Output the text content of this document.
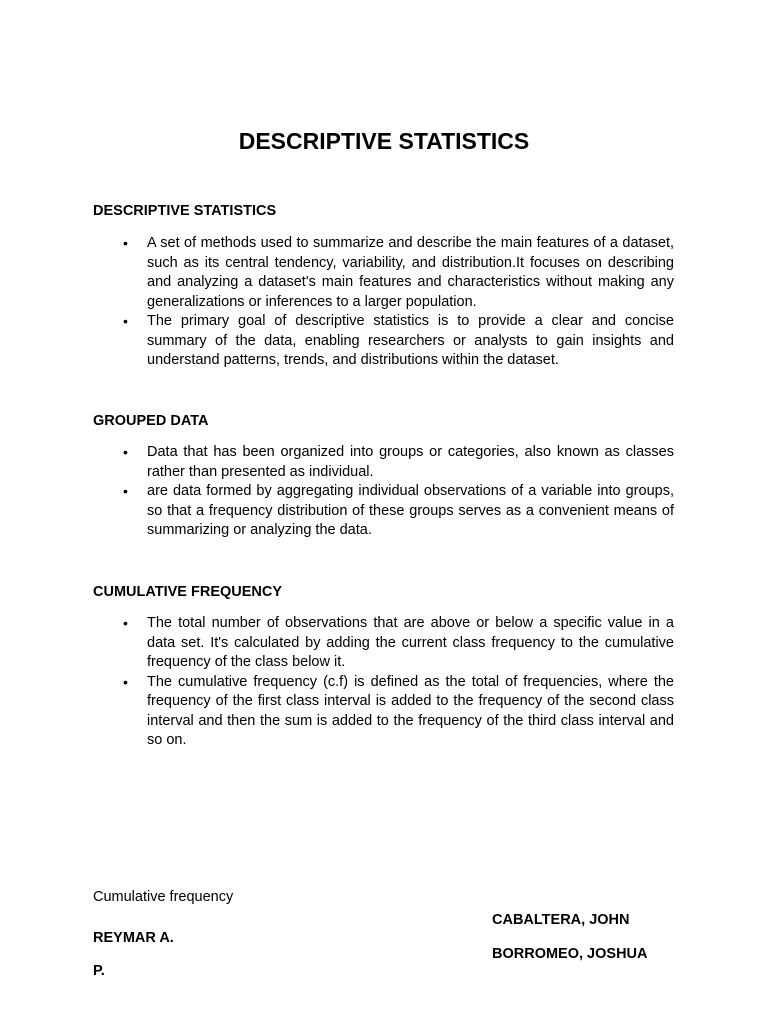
DESCRIPTIVE STATISTICS
DESCRIPTIVE STATISTICS
• A set of methods used to summarize and describe the main features of a dataset, such as its central tendency, variability, and distribution.It focuses on describing and analyzing a dataset's main features and characteristics without making any generalizations or inferences to a larger population.
• The primary goal of descriptive statistics is to provide a clear and concise summary of the data, enabling researchers or analysts to gain insights and understand patterns, trends, and distributions within the dataset.
GROUPED DATA
• Data that has been organized into groups or categories, also known as classes rather than presented as individual.
• are data formed by aggregating individual observations of a variable into groups, so that a frequency distribution of these groups serves as a convenient means of summarizing or analyzing the data.
CUMULATIVE FREQUENCY
• The total number of observations that are above or below a specific value in a data set. It's calculated by adding the current class frequency to the cumulative frequency of the class below it.
• The cumulative frequency (c.f) is defined as the total of frequencies, where the frequency of the first class interval is added to the frequency of the second class interval and then the sum is added to the frequency of the third class interval and so on.

Cumulative frequency

CABALTERA, JOHN

REYMAR A.

BORROMEO, JOSHUA

P.
